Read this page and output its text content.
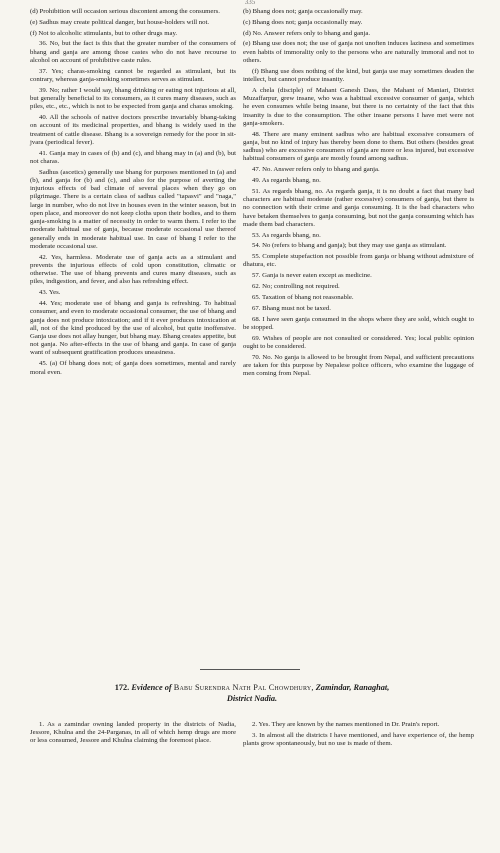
335

(d) Prohibition will occasion serious discontent among the consumers.

(e) Sadhus may create political danger, but house-holders will not.

(f) Not to alcoholic stimulants, but to other drugs may.

36. No, but the fact is this that the greater number of the consumers of bhang and ganja are among those castes who do not have recourse to alcohol on account of prohibitive caste rules.

37. Yes; charas-smoking cannot be regarded as stimulant, but its contrary, whereas ganja-smoking sometimes serves as stimulant.

39. No; rather I would say, bhang drinking or eating not injurious at all, but generally beneficial to its consumers, as it cures many diseases, such as piles, etc., etc., which is not to be expected from ganja and charas smoking.

40. All the schools of native doctors prescribe invariably bhang-taking on account of its medicinal properties, and bhang is widely used in the treatment of cattle disease. Bhang is a sovereign remedy for the poor in sit-jvara (periodical fever).

41. Ganja may in cases of (b) and (c), and bhang may in (a) and (b), but not charas.

Sadhus (ascetics) generally use bhang for purposes mentioned in (a) and (b), and ganja for (b) and (c), and also for the purpose of averting the injurious effects of bad climate of several places when they go on pilgrimage. There is a certain class of sadhus called "tapasvi" and "naga," large in number, who do not live in houses even in the winter season, but in open place, and moreover do not keep cloths upon their bodies, and to them ganja-smoking is a matter of necessity in order to warm them. I refer to the moderate habitual use of ganja, because moderate occasional use thereof generally ends in moderate habitual use. In case of bhang I refer to the moderate occasional use.

42. Yes, harmless. Moderate use of ganja acts as a stimulant and prevents the injurious effects of cold upon constitution, climatic or otherwise. The use of bhang prevents and cures many diseases, such as piles, indigestion, and fever, and also has refreshing effect.

43. Yes.

44. Yes; moderate use of bhang and ganja is refreshing. To habitual consumer, and even to moderate occasional consumer, the use of bhang and ganja does not produce intoxication; and if it ever produces intoxication at all, not of the kind produced by the use of alcohol, but quite inoffensive. Ganja use does not allay hunger, but bhang may. Bhang creates appetite, but not ganja. No after-effects in the use of bhang and ganja. In case of ganja want of subsequent gratification produces uneasiness.

45. (a) Of bhang does not; of ganja does sometimes, mental and rarely moral even.

(b) Bhang does not; ganja occasionally may.

(c) Bhang does not; ganja occasionally may.

(d) No. Answer refers only to bhang and ganja.

(e) Bhang use does not; the use of ganja not unoften induces laziness and sometimes even habits of immorality only to the persons who are naturally immoral and not to others.

(f) Bhang use does nothing of the kind, but ganja use may sometimes deaden the intellect, but cannot produce insanity.

A chela (disciple) of Mahant Ganesh Dass, the Mahant of Maniari, District Muzaffarpur, grew insane, who was a habitual excessive consumer of ganja, which he even consumes while being insane, but there is no certainty of the fact that this insanity is due to the consumption. The other insane persons I have met were not ganja-smokers.

48. There are many eminent sadhus who are habitual excessive consumers of ganja, but no kind of injury has thereby been done to them. But others (besides great sadhus) who are excessive consumers of ganja are more or less injured, but excessive habitual consumers of ganja are mostly found among sadhus.

47. No. Answer refers only to bhang and ganja.

49. As regards bhang, no.

51. As regards bhang, no. As regards ganja, it is no doubt a fact that many bad characters are habitual moderate (rather excessive) consumers of ganja, but there is no connection with their crime and ganja consuming. It is the bad characters who have betaken themselves to ganja consuming, but not the ganja consuming which has made them bad characters.

53. As regards bhang, no.

54. No (refers to bhang and ganja); but they may use ganja as stimulant.

55. Complete stupefaction not possible from ganja or bhang without admixture of dhatura, etc.

57. Ganja is never eaten except as medicine.

62. No; controlling not required.

65. Taxation of bhang not reasonable.

67. Bhang must not be taxed.

68. I have seen ganja consumed in the shops where they are sold, which ought to be stopped.

69. Wishes of people are not consulted or considered. Yes; local public opinion ought to be considered.

70. No. No ganja is allowed to be brought from Nepal, and sufficient precautions are taken for this purpose by Nepalese police officers, who examine the luggage of men coming from Nepal.

172. Evidence of Babu Surendra Nath Pal Chowdhury, Zamindar, Ranaghat,
District Nadia.

1. As a zamindar owning landed property in the districts of Nadia, Jessore, Khulna and the 24-Parganas, in all of which hemp drugs are more or less consumed, Jessore and Khulna claiming the foremost place.

2. Yes. They are known by the names mentioned in Dr. Prain's report.

3. In almost all the districts I have mentioned, and have experience of, the hemp plants grow spontaneously, but no use is made of them.
